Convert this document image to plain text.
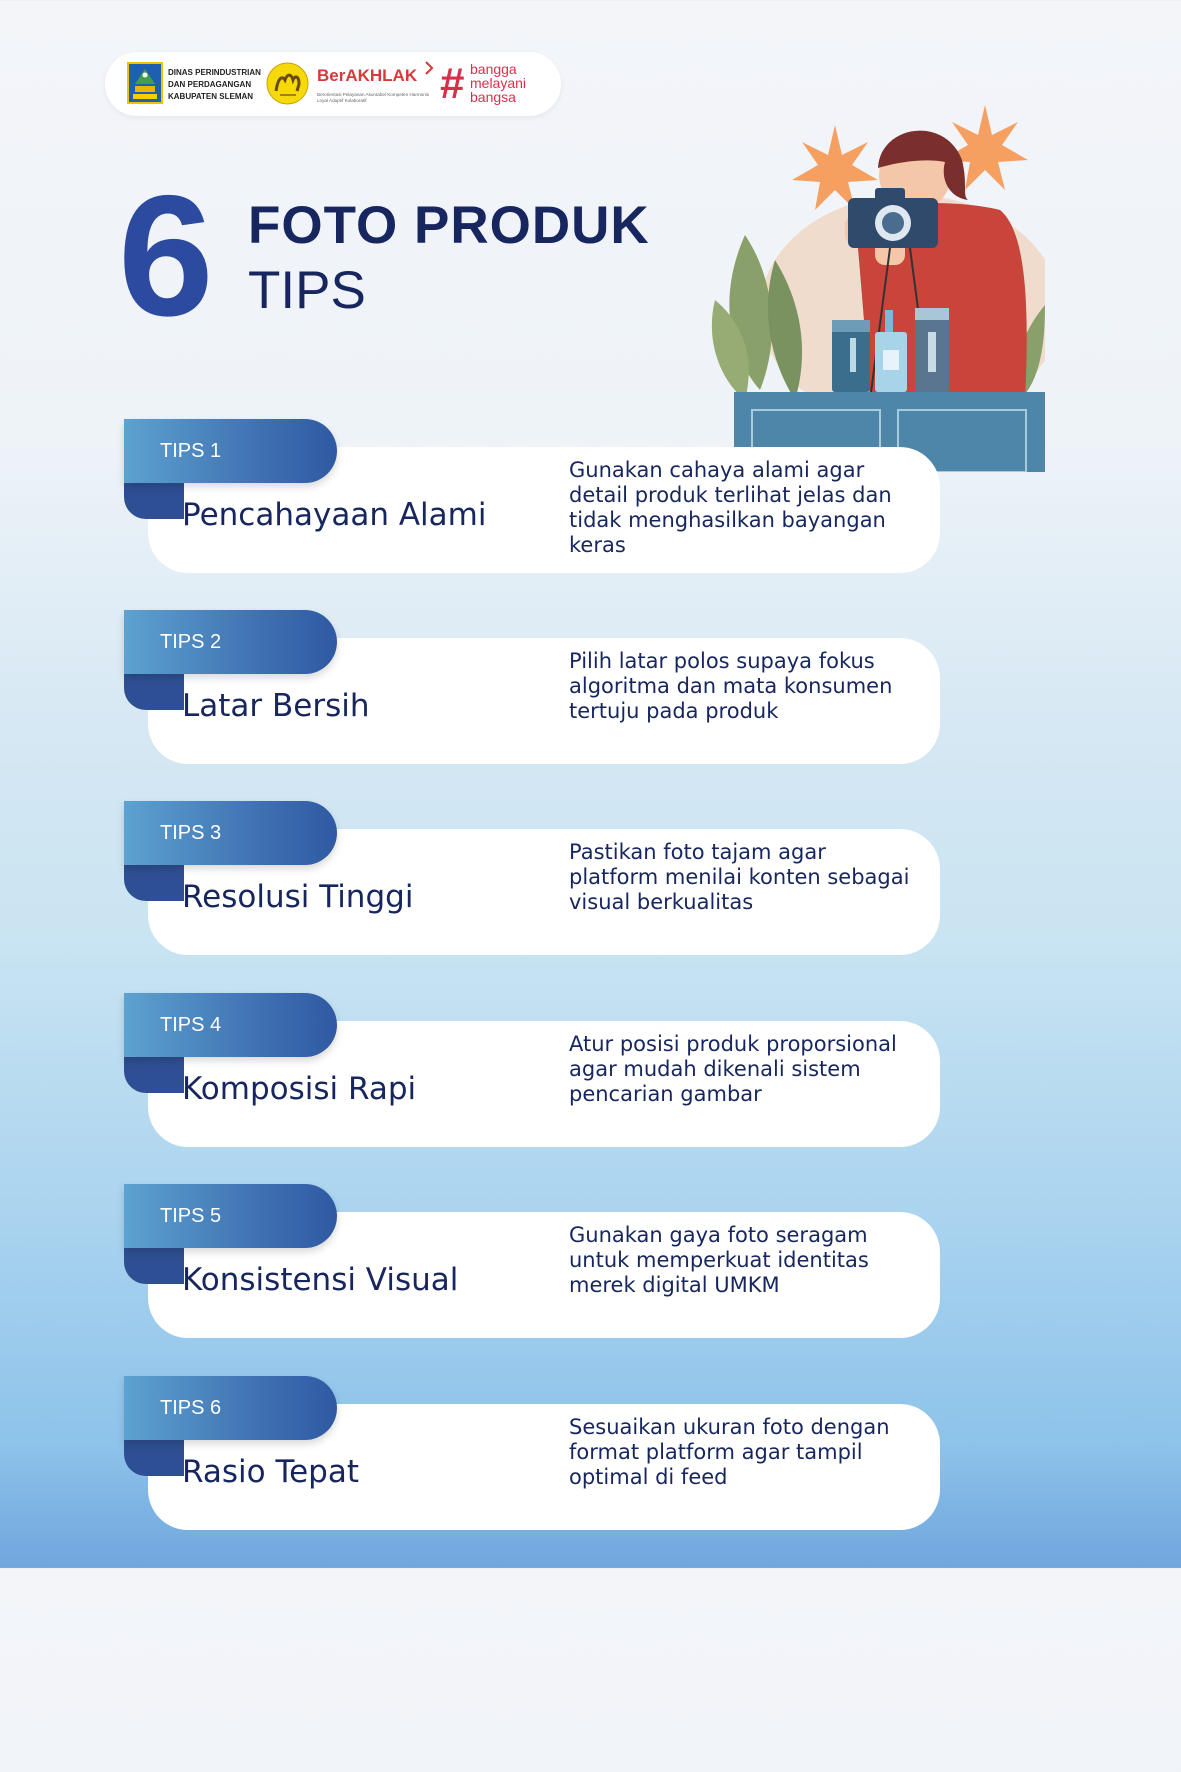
DINAS PERINDUSTRIAN
DAN PERDAGANGAN
KABUPATEN SLEMAN
BerAKHLAK
Berorientasi Pelayanan Akuntabel Kompeten Harmonis Loyal Adaptif Kolaboratif	# bangga
melayani
bangsa
6 FOTO PRODUK
TIPS
TIPS 1
Pencahayaan Alami
Gunakan cahaya alami agar detail produk terlihat jelas dan tidak menghasilkan bayangan keras
TIPS 2
Latar Bersih
Pilih latar polos supaya fokus algoritma dan mata konsumen tertuju pada produk
TIPS 3
Resolusi Tinggi
Pastikan foto tajam agar platform menilai konten sebagai visual berkualitas
TIPS 4
Komposisi Rapi
Atur posisi produk proporsional agar mudah dikenali sistem pencarian gambar
TIPS 5
Konsistensi Visual
Gunakan gaya foto seragam untuk memperkuat identitas merek digital UMKM
TIPS 6
Rasio Tepat
Sesuaikan ukuran foto dengan format platform agar tampil optimal di feed
